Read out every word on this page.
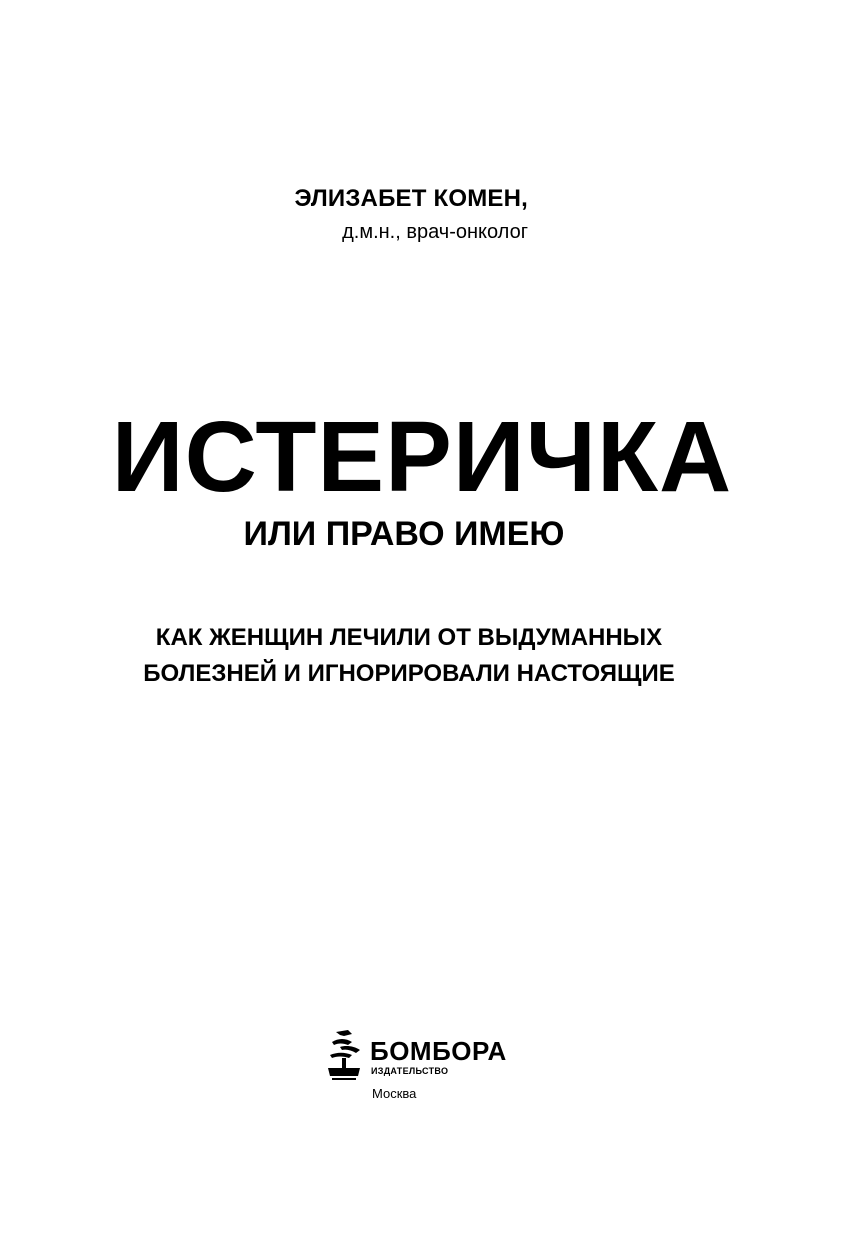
ЭЛИЗАБЕТ КОМЕН,
д.м.н., врач-онколог
ИСТЕРИЧКА
ИЛИ ПРАВО ИМЕЮ
КАК ЖЕНЩИН ЛЕЧИЛИ ОТ ВЫДУМАННЫХ
БОЛЕЗНЕЙ И ИГНОРИРОВАЛИ НАСТОЯЩИЕ
БОМБОРА
ИЗДАТЕЛЬСТВО
Москва
